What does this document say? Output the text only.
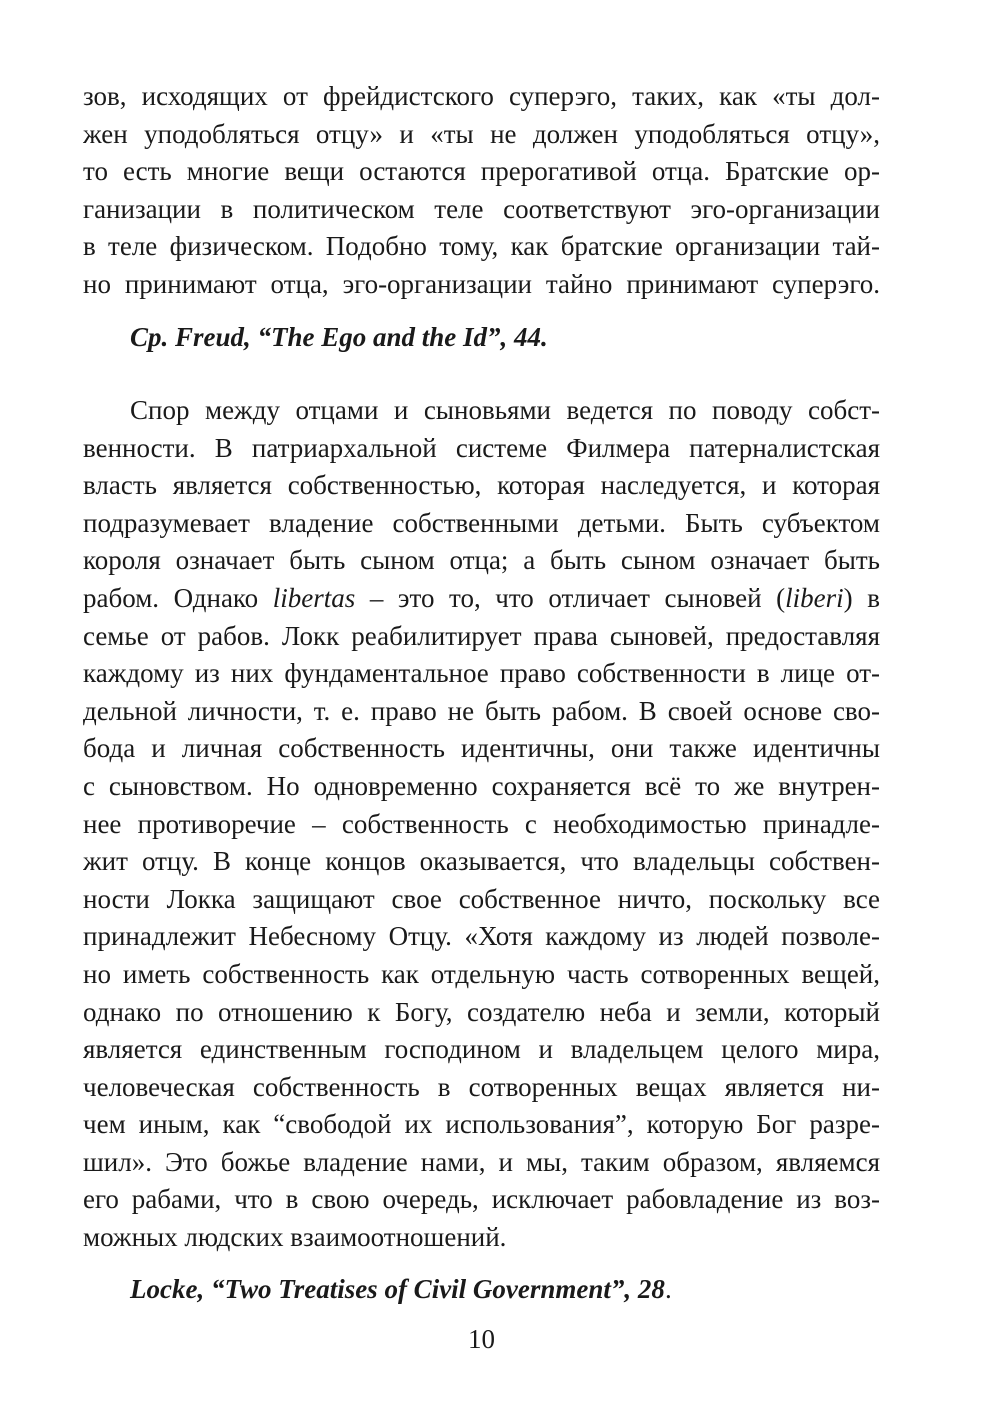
зов, исходящих от фрейдистского суперэго, таких, как «ты дол-
жен уподобляться отцу» и «ты не должен уподобляться отцу»,
то есть многие вещи остаются прерогативой отца. Братские ор-
ганизации в политическом теле соответствуют эго-организации
в теле физическом. Подобно тому, как братские организации тай-
но принимают отца, эго-организации тайно принимают суперэго.
Cp. Freud, “The Ego and the Id”, 44.
Спор между отцами и сыновьями ведется по поводу собст-
венности. В патриархальной системе Филмера патерналистская
власть является собственностью, которая наследуется, и которая
подразумевает владение собственными детьми. Быть субъектом
короля означает быть сыном отца; а быть сыном означает быть
рабом. Однако libertas – это то, что отличает сыновей (liberi) в
семье от рабов. Локк реабилитирует права сыновей, предоставляя
каждому из них фундаментальное право собственности в лице от-
дельной личности, т. е. право не быть рабом. В своей основе сво-
бода и личная собственность идентичны, они также идентичны
с сыновством. Но одновременно сохраняется всё то же внутрен-
нее противоречие – собственность с необходимостью принадле-
жит отцу. В конце концов оказывается, что владельцы собствен-
ности Локка защищают свое собственное ничто, поскольку все
принадлежит Небесному Отцу. «Хотя каждому из людей позволе-
но иметь собственность как отдельную часть сотворенных вещей,
однако по отношению к Богу, создателю неба и земли, который
является единственным господином и владельцем целого мира,
человеческая собственность в сотворенных вещах является ни-
чем иным, как “свободой их использования”, которую Бог разре-
шил». Это божье владение нами, и мы, таким образом, являемся
его рабами, что в свою очередь, исключает рабовладение из воз-
можных людских взаимоотношений.
Locke, “Two Treatises of Civil Government”, 28.
10
